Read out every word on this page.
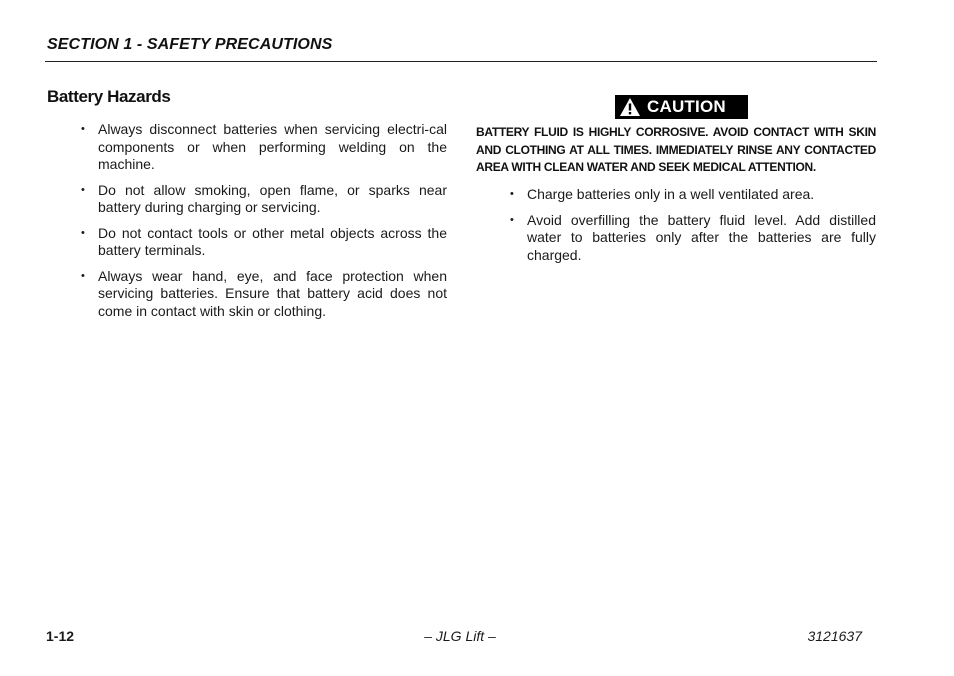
SECTION 1 - SAFETY PRECAUTIONS
Battery Hazards
• Always disconnect batteries when servicing electri-cal components or when performing welding on the machine.
• Do not allow smoking, open flame, or sparks near battery during charging or servicing.
• Do not contact tools or other metal objects across the battery terminals.
• Always wear hand, eye, and face protection when servicing batteries. Ensure that battery acid does not come in contact with skin or clothing.
CAUTION
BATTERY FLUID IS HIGHLY CORROSIVE. AVOID CONTACT WITH SKIN AND CLOTHING AT ALL TIMES. IMMEDIATELY RINSE ANY CONTACTED AREA WITH CLEAN WATER AND SEEK MEDICAL ATTENTION.
• Charge batteries only in a well ventilated area.
• Avoid overfilling the battery fluid level. Add distilled water to batteries only after the batteries are fully charged.
1-12	– JLG Lift –	3121637
